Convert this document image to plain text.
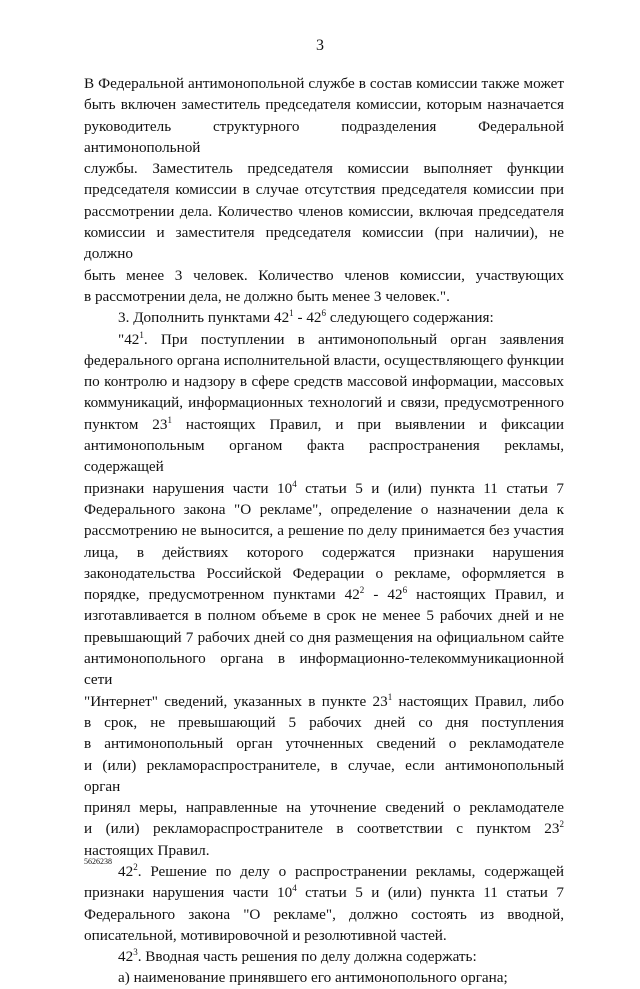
3

В Федеральной антимонопольной службе в состав комиссии также может

быть включен заместитель председателя комиссии, которым назначается

руководитель структурного подразделения Федеральной антимонопольной

службы. Заместитель председателя комиссии выполняет функции

председателя комиссии в случае отсутствия председателя комиссии при

рассмотрении дела. Количество членов комиссии, включая председателя

комиссии и заместителя председателя комиссии (при наличии), не должно

быть менее 3 человек. Количество членов комиссии, участвующих

в рассмотрении дела, не должно быть менее 3 человек.".

3. Дополнить пунктами $42^1 - 42^6$ следующего содержания:

"$42^1$. При поступлении в антимонопольный орган заявления

федерального органа исполнительной власти, осуществляющего функции

по контролю и надзору в сфере средств массовой информации, массовых

коммуникаций, информационных технологий и связи, предусмотренного

пунктом $23^1$ настоящих Правил, и при выявлении и фиксации

антимонопольным органом факта распространения рекламы, содержащей

признаки нарушения части $10^4$ статьи 5 и (или) пункта 11 статьи 7

Федерального закона "О рекламе", определение о назначении дела к

рассмотрению не выносится, а решение по делу принимается без участия

лица, в действиях которого содержатся признаки нарушения

законодательства Российской Федерации о рекламе, оформляется в

порядке, предусмотренном пунктами $42^2 - 42^6$ настоящих Правил, и

изготавливается в полном объеме в срок не менее 5 рабочих дней и не

превышающий 7 рабочих дней со дня размещения на официальном сайте

антимонопольного органа в информационно-телекоммуникационной сети

"Интернет" сведений, указанных в пункте $23^1$ настоящих Правил, либо

в срок, не превышающий 5 рабочих дней со дня поступления

в антимонопольный орган уточненных сведений о рекламодателе

и (или) рекламораспространителе, в случае, если антимонопольный орган

принял меры, направленные на уточнение сведений о рекламодателе

и (или) рекламораспространителе в соответствии с пунктом $23^2$

настоящих Правил.

$42^2$. Решение по делу о распространении рекламы, содержащей

признаки нарушения части $10^4$ статьи 5 и (или) пункта 11 статьи 7

Федерального закона "О рекламе", должно состоять из вводной,

описательной, мотивировочной и резолютивной частей.

$42^3$. Вводная часть решения по делу должна содержать:

а) наименование принявшего его антимонопольного органа;

5626238
